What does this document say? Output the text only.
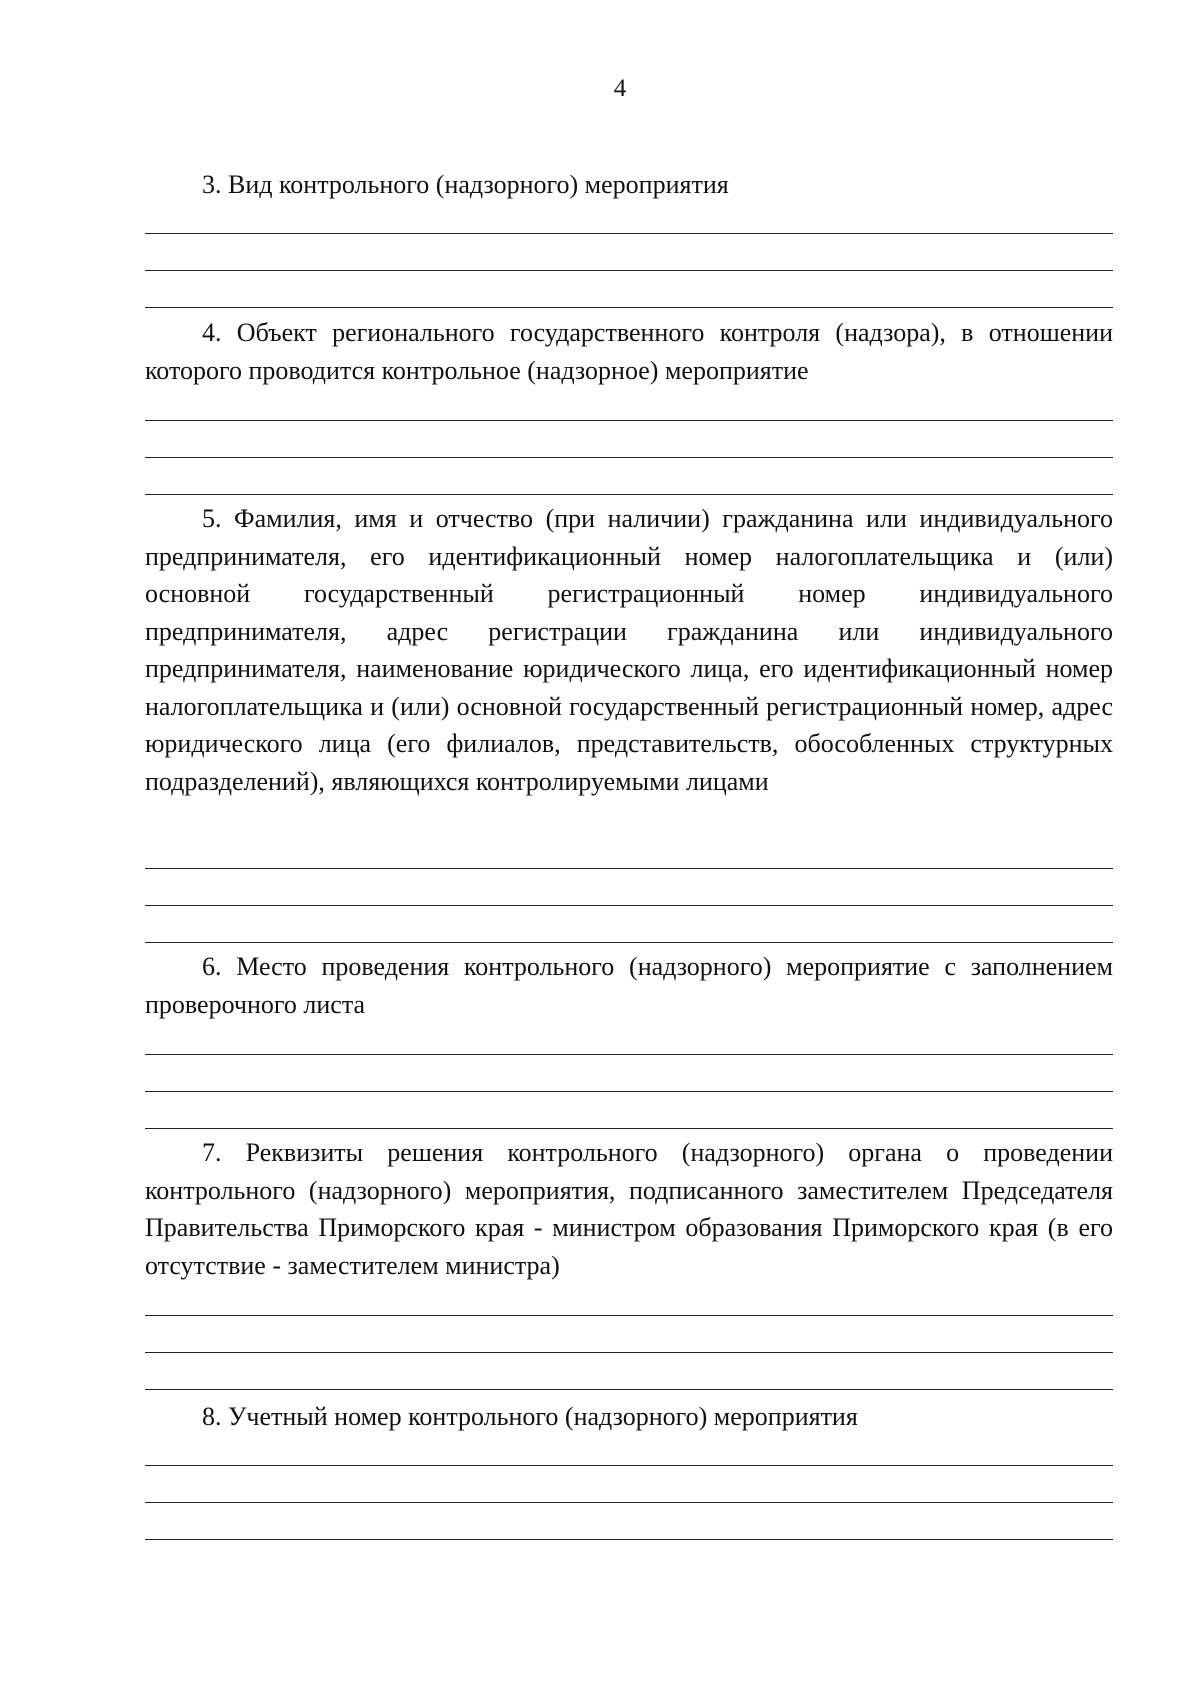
4

3. Вид контрольного (надзорного) мероприятия

4. Объект регионального государственного контроля (надзора), в отношении которого проводится контрольное (надзорное) мероприятие

5. Фамилия, имя и отчество (при наличии) гражданина или индивидуального предпринимателя, его идентификационный номер налогоплательщика и (или) основной государственный регистрационный номер индивидуального предпринимателя, адрес регистрации гражданина или индивидуального предпринимателя, наименование юридического лица, его идентификационный номер налогоплательщика и (или) основной государственный регистрационный номер, адрес юридического лица (его филиалов, представительств, обособленных структурных подразделений), являющихся контролируемыми лицами

6. Место проведения контрольного (надзорного) мероприятие с заполнением проверочного листа

7. Реквизиты решения контрольного (надзорного) органа о проведении контрольного (надзорного) мероприятия, подписанного заместителем Председателя Правительства Приморского края - министром образования Приморского края (в его отсутствие - заместителем министра)

8. Учетный номер контрольного (надзорного) мероприятия
